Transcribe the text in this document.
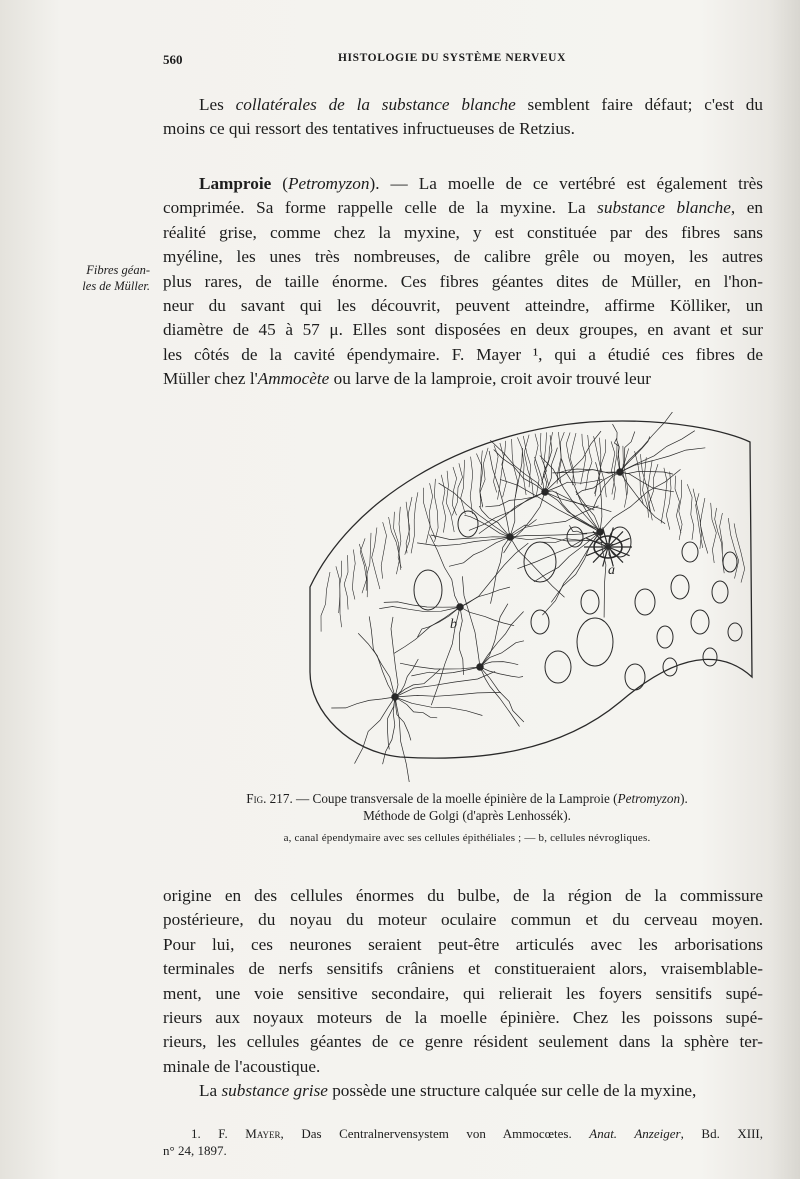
560	HISTOLOGIE DU SYSTÈME NERVEUX
Les collatérales de la substance blanche semblent faire défaut; c'est du
moins ce qui ressort des tentatives infructueuses de Retzius.
Fibres géan-
les de Müller.
Lamproie (Petromyzon). — La moelle de ce vertébré est également très
comprimée. Sa forme rappelle celle de la myxine. La substance blanche, en
réalité grise, comme chez la myxine, y est constituée par des fibres sans
myéline, les unes très nombreuses, de calibre grêle ou moyen, les autres
plus rares, de taille énorme. Ces fibres géantes dites de Müller, en l'hon-
neur du savant qui les découvrit, peuvent atteindre, affirme Kölliker, un
diamètre de 45 à 57 μ. Elles sont disposées en deux groupes, en avant et sur
les côtés de la cavité épendymaire. F. Mayer ¹, qui a étudié ces fibres de
Müller chez l'Ammocète ou larve de la lamproie, croit avoir trouvé leur
a
b
Fig. 217. — Coupe transversale de la moelle épinière de la Lamproie (Petromyzon).
Méthode de Golgi (d'après Lenhossék).
a, canal épendymaire avec ses cellules épithéliales ; — b, cellules névrogliques.
origine en des cellules énormes du bulbe, de la région de la commissure
postérieure, du noyau du moteur oculaire commun et du cerveau moyen.
Pour lui, ces neurones seraient peut-être articulés avec les arborisations
terminales de nerfs sensitifs crâniens et constitueraient alors, vraisemblable-
ment, une voie sensitive secondaire, qui relierait les foyers sensitifs supé-
rieurs aux noyaux moteurs de la moelle épinière. Chez les poissons supé-
rieurs, les cellules géantes de ce genre résident seulement dans la sphère ter-
minale de l'acoustique.
La substance grise possède une structure calquée sur celle de la myxine,
1. F. Mayer, Das Centralnervensystem von Ammocœtes. Anat. Anzeiger, Bd. XIII,
n° 24, 1897.
